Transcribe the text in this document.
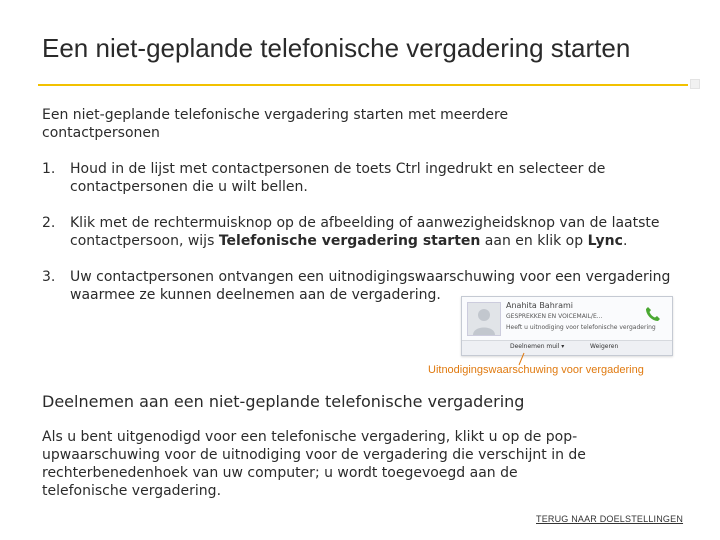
Een niet-geplande telefonische vergadering starten
Een niet-geplande telefonische vergadering starten met meerdere contactpersonen
1.	Houd in de lijst met contactpersonen de toets Ctrl ingedrukt en selecteer de contactpersonen die u wilt bellen.
2.	Klik met de rechtermuisknop op de afbeelding of aanwezigheidsknop van de laatste contactpersoon, wijs Telefonische vergadering starten aan en klik op Lync.
3.	Uw contactpersonen ontvangen een uitnodigingswaarschuwing voor een vergadering waarmee ze kunnen deelnemen aan de vergadering.
Anahita Bahrami
GESPREKKEN EN VOICEMAIL/E...
Heeft u uitnodiging voor telefonische vergadering
Deelnemen muil ▾	Weigeren
Uitnodigingswaarschuwing voor vergadering
Deelnemen aan een niet-geplande telefonische vergadering
Als u bent uitgenodigd voor een telefonische vergadering, klikt u op de pop-upwaarschuwing voor de uitnodiging voor de vergadering die verschijnt in de rechterbenedenhoek van uw computer; u wordt toegevoegd aan de telefonische vergadering.
TERUG NAAR DOELSTELLINGEN
